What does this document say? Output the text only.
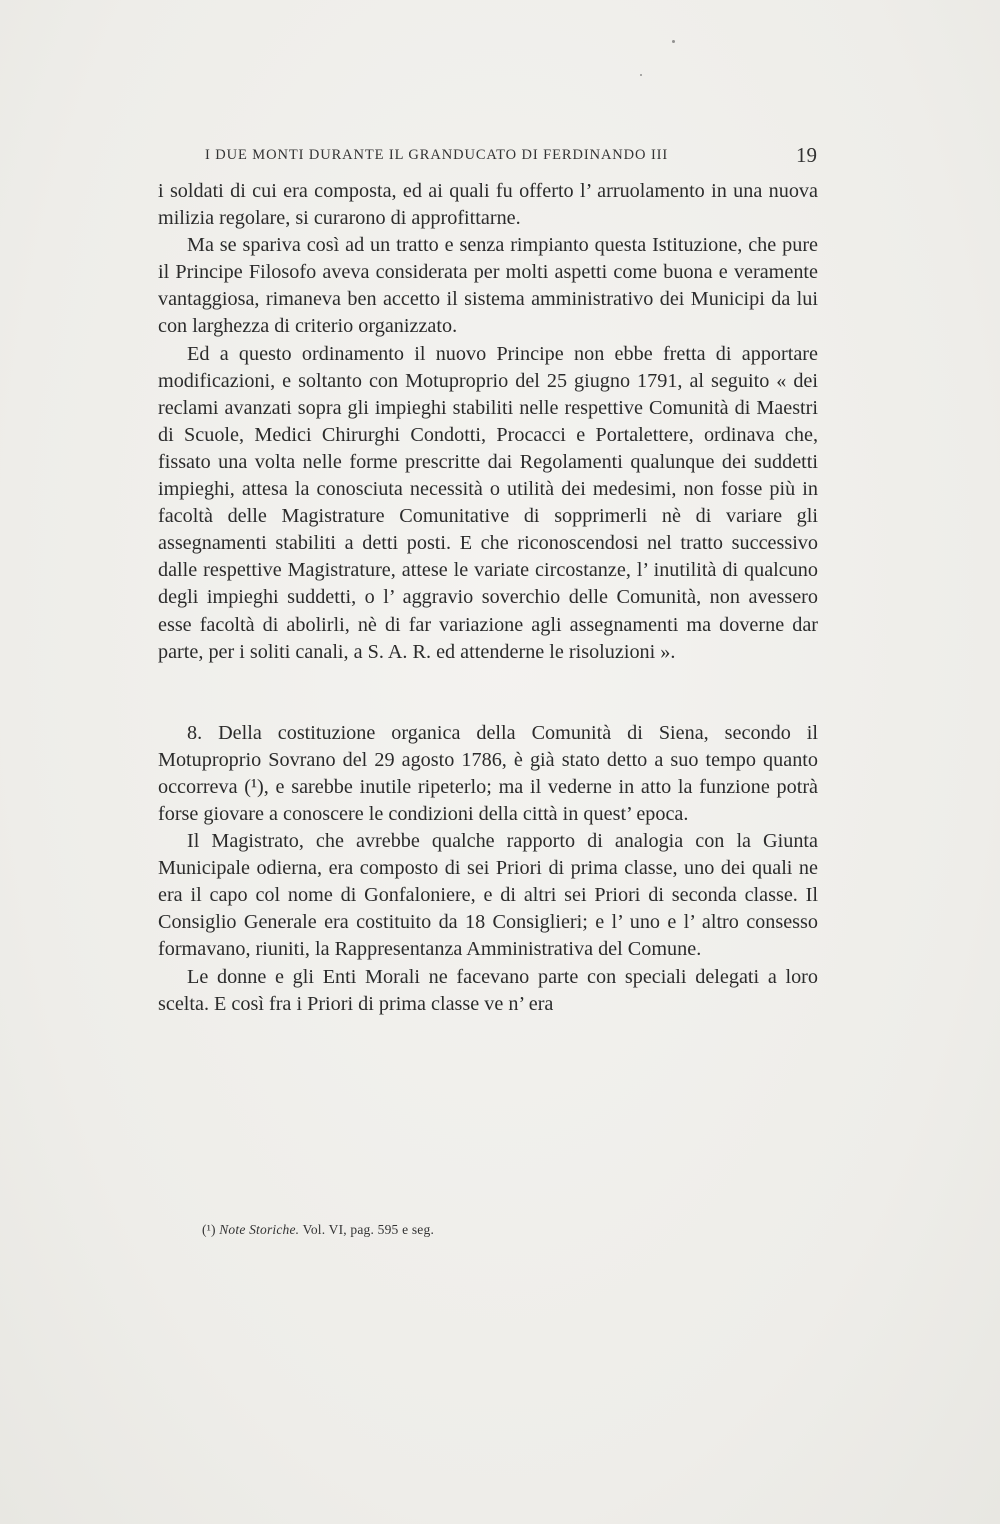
I DUE MONTI DURANTE IL GRANDUCATO DI FERDINANDO III	19

i soldati di cui era composta, ed ai quali fu offerto l’ arruolamento in una nuova milizia regolare, si curarono di approfittarne.

Ma se spariva così ad un tratto e senza rimpianto questa Istituzione, che pure il Principe Filosofo aveva considerata per molti aspetti come buona e veramente vantaggiosa, rimaneva ben accetto il sistema amministrativo dei Municipi da lui con larghezza di criterio organizzato.

Ed a questo ordinamento il nuovo Principe non ebbe fretta di apportare modificazioni, e soltanto con Motuproprio del 25 giugno 1791, al seguito « dei reclami avanzati sopra gli impieghi stabiliti nelle respettive Comunità di Maestri di Scuole, Medici Chirurghi Condotti, Procacci e Portalettere, ordinava che, fissato una volta nelle forme prescritte dai Regolamenti qualunque dei suddetti impieghi, attesa la conosciuta necessità o utilità dei medesimi, non fosse più in facoltà delle Magistrature Comunitative di sopprimerli nè di variare gli assegnamenti stabiliti a detti posti. E che riconoscendosi nel tratto successivo dalle respettive Magistrature, attese le variate circostanze, l’ inutilità di qualcuno degli impieghi suddetti, o l’ aggravio soverchio delle Comunità, non avessero esse facoltà di abolirli, nè di far variazione agli assegnamenti ma doverne dar parte, per i soliti canali, a S. A. R. ed attenderne le risoluzioni ».

8. Della costituzione organica della Comunità di Siena, secondo il Motuproprio Sovrano del 29 agosto 1786, è già stato detto a suo tempo quanto occorreva (¹), e sarebbe inutile ripeterlo; ma il vederne in atto la funzione potrà forse giovare a conoscere le condizioni della città in quest’ epoca.

Il Magistrato, che avrebbe qualche rapporto di analogia con la Giunta Municipale odierna, era composto di sei Priori di prima classe, uno dei quali ne era il capo col nome di Gonfaloniere, e di altri sei Priori di seconda classe. Il Consiglio Generale era costituito da 18 Consiglieri; e l’ uno e l’ altro consesso formavano, riuniti, la Rappresentanza Amministrativa del Comune.

Le donne e gli Enti Morali ne facevano parte con speciali delegati a loro scelta. E così fra i Priori di prima classe ve n’ era

(¹) Note Storiche. Vol. VI, pag. 595 e seg.
